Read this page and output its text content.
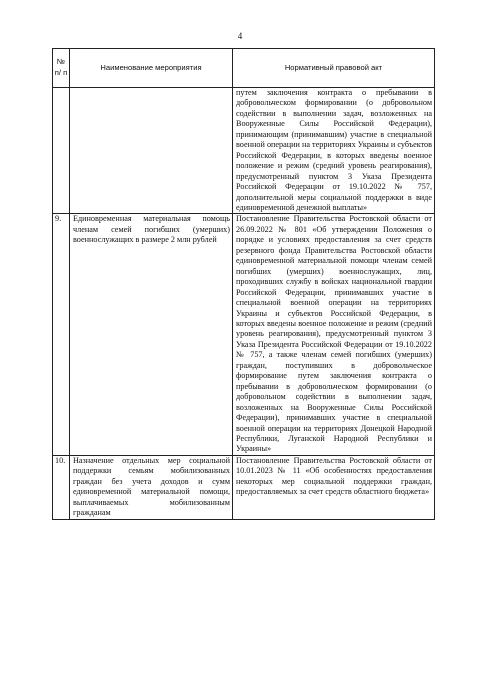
4
№ п/ п	Наименование мероприятия	Нормативный правовой акт
		путем заключения контракта о пребывании в добровольческом формировании (о добровольном содействии в выполнении задач, возложенных на Вооруженные Силы Российской Федерации), принимающим (принимавшим) участие в специальной военной операции на территориях Украины и субъектов Российской Федерации, в которых введены военное положение и режим (средний уровень реагирования), предусмотренный пунктом 3 Указа Президента Российской Федерации от 19.10.2022 № 757, дополнительной меры социальной поддержки в виде единовременной денежной выплаты»
9.	Единовременная материальная помощь членам семей погибших (умерших) военнослужащих в размере 2 млн рублей	Постановление Правительства Ростовской области от 26.09.2022 № 801 «Об утверждении Положения о порядке и условиях предоставления за счет средств резервного фонда Правительства Ростовской области единовременной материальной помощи членам семей погибших (умерших) военнослужащих, лиц, проходивших службу в войсках национальной гвардии Российской Федерации, принимавших участие в специальной военной операции на территориях Украины и субъектов Российской Федерации, в которых введены военное положение и режим (средний уровень реагирования), предусмотренный пунктом 3 Указа Президента Российской Федерации от 19.10.2022 № 757, а также членам семей погибших (умерших) граждан, поступивших в добровольческое формирование путем заключения контракта о пребывании в добровольческом формировании (о добровольном содействии в выполнении задач, возложенных на Вооруженные Силы Российской Федерации), принимавших участие в специальной военной операции на территориях Донецкой Народной Республики, Луганской Народной Республики и Украины»
10.	Назначение отдельных мер социальной поддержки семьям мобилизованных граждан без учета доходов и сумм единовременной материальной помощи, выплачиваемых мобилизованным гражданам	Постановление Правительства Ростовской области от 10.01.2023 № 11 «Об особенностях предоставления некоторых мер социальной поддержки граждан, предоставляемых за счет средств областного бюджета»
